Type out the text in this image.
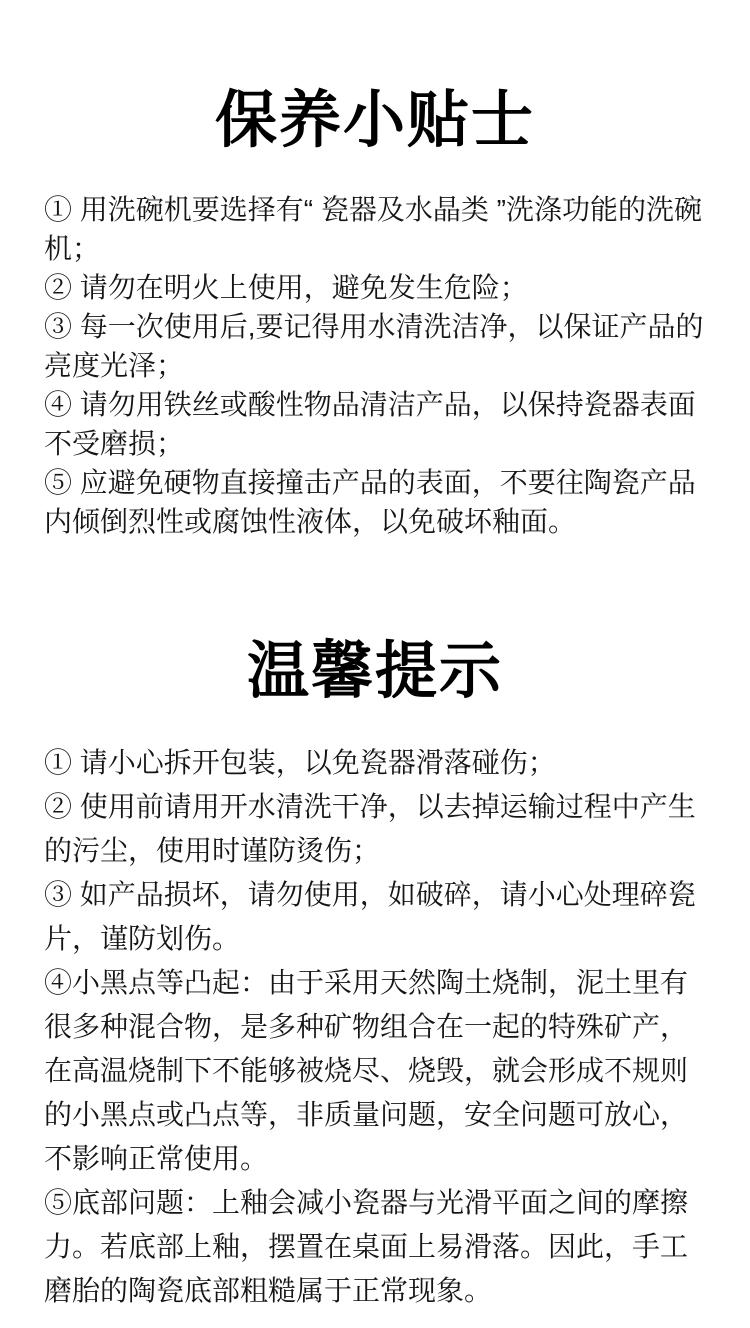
保养小贴士

① 用洗碗机要选择有“ 瓷器及水晶类 ”洗涤功能的洗碗机；

② 请勿在明火上使用，避免发生危险；

③ 每一次使用后,要记得用水清洗洁净，以保证产品的亮度光泽；

④ 请勿用铁丝或酸性物品清洁产品，以保持瓷器表面不受磨损；

⑤ 应避免硬物直接撞击产品的表面，不要往陶瓷产品内倾倒烈性或腐蚀性液体，以免破坏釉面。

温馨提示

① 请小心拆开包装，以免瓷器滑落碰伤；

② 使用前请用开水清洗干净，以去掉运输过程中产生的污尘，使用时谨防烫伤；

③ 如产品损坏，请勿使用，如破碎，请小心处理碎瓷片，谨防划伤。

④小黑点等凸起：由于采用天然陶土烧制，泥土里有很多种混合物，是多种矿物组合在一起的特殊矿产，在高温烧制下不能够被烧尽、烧毁，就会形成不规则的小黑点或凸点等，非质量问题，安全问题可放心，不影响正常使用。

⑤底部问题：上釉会减小瓷器与光滑平面之间的摩擦力。若底部上釉，摆置在桌面上易滑落。因此，手工磨胎的陶瓷底部粗糙属于正常现象。
